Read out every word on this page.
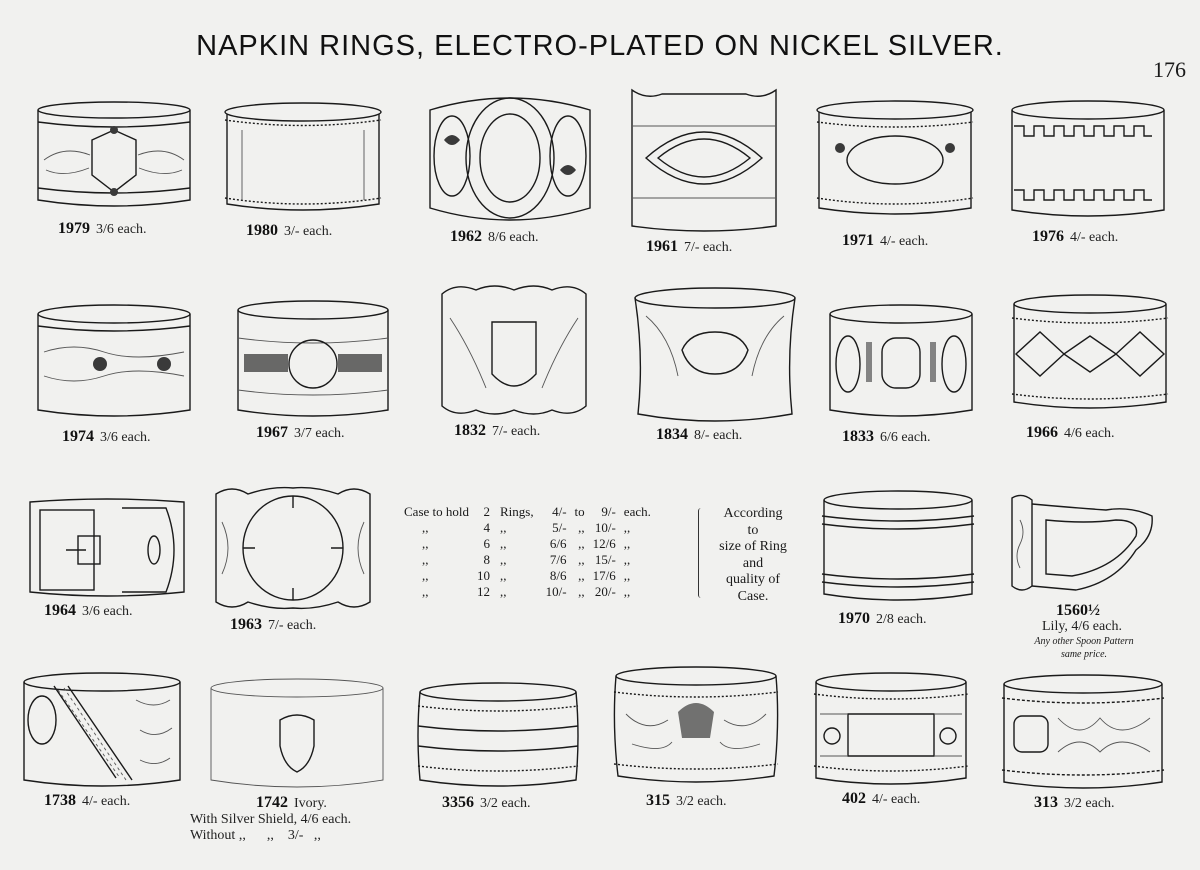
NAPKIN RINGS, ELECTRO-PLATED ON NICKEL SILVER.
176
1979 3/6 each.	1980 3/- each.	1962 8/6 each.
1961 7/- each.	1971 4/- each.	1976 4/- each.
1974 3/6 each.	1967 3/7 each.	1832 7/- each.	1834 8/- each.	1833 6/6 each.	1966 4/6 each.
1964 3/6 each.
1963 7/- each.
Case to hold	2	Rings,	4/-	to	9/-	each.
,,	4	,,	5/-	,,	10/-	,,
,,	6	,,	6/6	,,	12/6	,,
,,	8	,,	7/6	,,	15/-	,,
,,	10	,,	8/6	,,	17/6	,,
,,	12	,,	10/-	,,	20/-	,,
According
to
size of Ring
and
quality of
Case.
1970 2/8 each.
1560½
Lily, 4/6 each.
Any other Spoon Pattern
same price.
1738 4/- each.	1742 Ivory.
With Silver Shield, 4/6 each.
Without ,,      ,,    3/-   ,,
3356 3/2 each.	315 3/2 each.	402 4/- each.	313 3/2 each.
